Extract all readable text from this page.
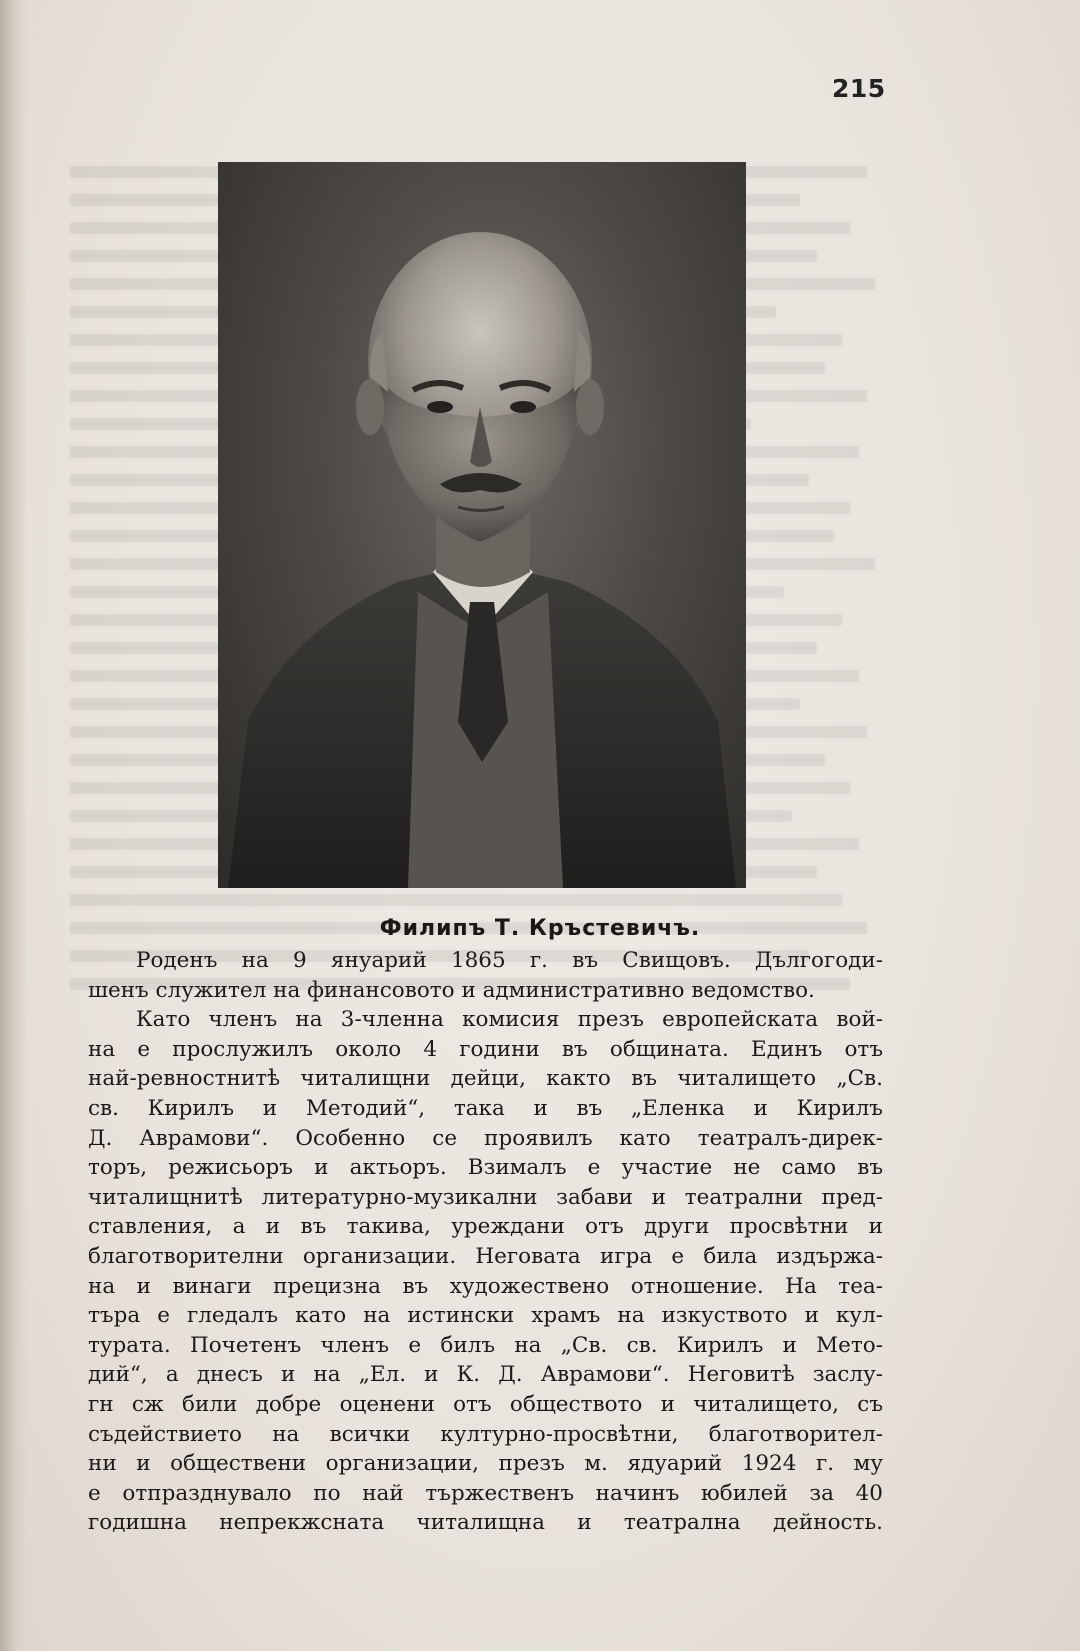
215
Филипъ Т. Кръстевичъ.
Роденъ на 9 януарий 1865 г. въ Свищовъ. Дългогоди-
шенъ служител на финансовото и административно ведомство.
Като членъ на 3-членна комисия презъ европейската вой-
на е прослужилъ около 4 години въ общината. Единъ отъ
най-ревностнитѣ читалищни дейци, както въ читалището „Св.
св. Кирилъ и Методий“, така и въ „Еленка и Кирилъ
Д. Аврамови“. Особенно се проявилъ като театралъ-дирек-
торъ, режисьоръ и актьоръ. Взималъ е участие не само въ
читалищнитѣ литературно-музикални забави и театрални пред-
ставления, а и въ такива, уреждани отъ други просвѣтни и
благотворителни организации. Неговата игра е била издържа-
на и винаги прецизна въ художествено отношение. На теа-
търа е гледалъ като на истински храмъ на изкуството и кул-
турата. Почетенъ членъ е билъ на „Св. св. Кирилъ и Мето-
дий“, а днесъ и на „Ел. и К. Д. Аврамови“. Неговитѣ заслу-
гн сж били добре оценени отъ обществото и читалището, съ
съдействието на всички културно-просвѣтни, благотворител-
ни и обществени организации, презъ м. ядуарий 1924 г. му
е отпразднувало по най тържественъ начинъ юбилей за 40
годишна непрекжсната читалищна и театрална дейность.
